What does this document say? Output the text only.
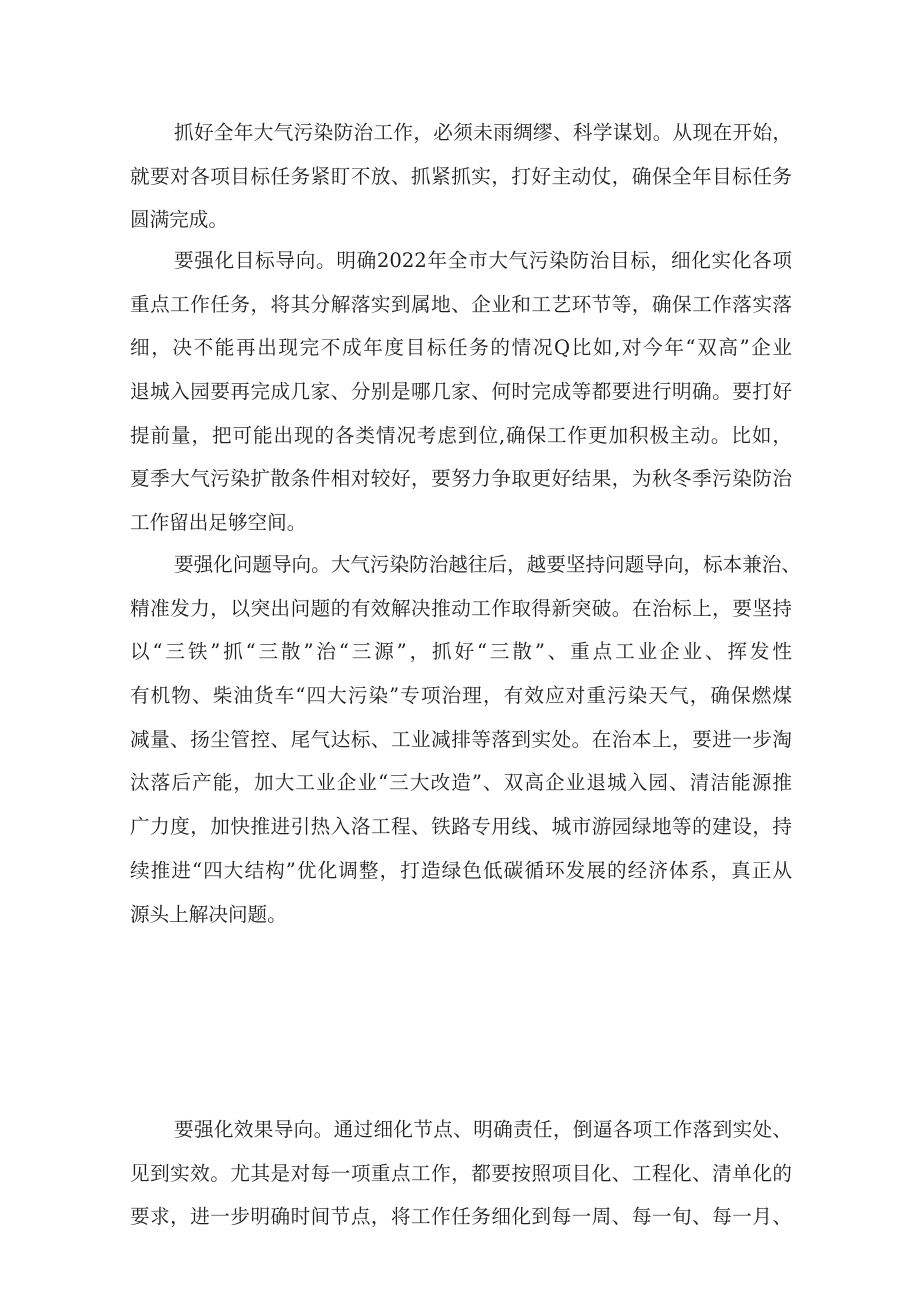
抓好全年大气污染防治工作，必须未雨绸缪、科学谋划。从现在开始，
就要对各项目标任务紧盯不放、抓紧抓实，打好主动仗，确保全年目标任务
圆满完成。
要强化目标导向。明确2022年全市大气污染防治目标，细化实化各项
重点工作任务，将其分解落实到属地、企业和工艺环节等，确保工作落实落
细，决不能再出现完不成年度目标任务的情况Q比如,对今年“双高”企业
退城入园要再完成几家、分别是哪几家、何时完成等都要进行明确。要打好
提前量，把可能出现的各类情况考虑到位,确保工作更加积极主动。比如，
夏季大气污染扩散条件相对较好，要努力争取更好结果，为秋冬季污染防治
工作留出足够空间。
要强化问题导向。大气污染防治越往后，越要坚持问题导向，标本兼治、
精准发力，以突出问题的有效解决推动工作取得新突破。在治标上，要坚持
以“三铁”抓“三散”治“三源”，抓好“三散”、重点工业企业、挥发性
有机物、柴油货车“四大污染”专项治理，有效应对重污染天气，确保燃煤
减量、扬尘管控、尾气达标、工业减排等落到实处。在治本上，要进一步淘
汰落后产能，加大工业企业“三大改造”、双高企业退城入园、清洁能源推
广力度，加快推进引热入洛工程、铁路专用线、城市游园绿地等的建设，持
续推进“四大结构”优化调整，打造绿色低碳循环发展的经济体系，真正从
源头上解决问题。
要强化效果导向。通过细化节点、明确责任，倒逼各项工作落到实处、
见到实效。尤其是对每一项重点工作，都要按照项目化、工程化、清单化的
要求，进一步明确时间节点，将工作任务细化到每一周、每一旬、每一月、
